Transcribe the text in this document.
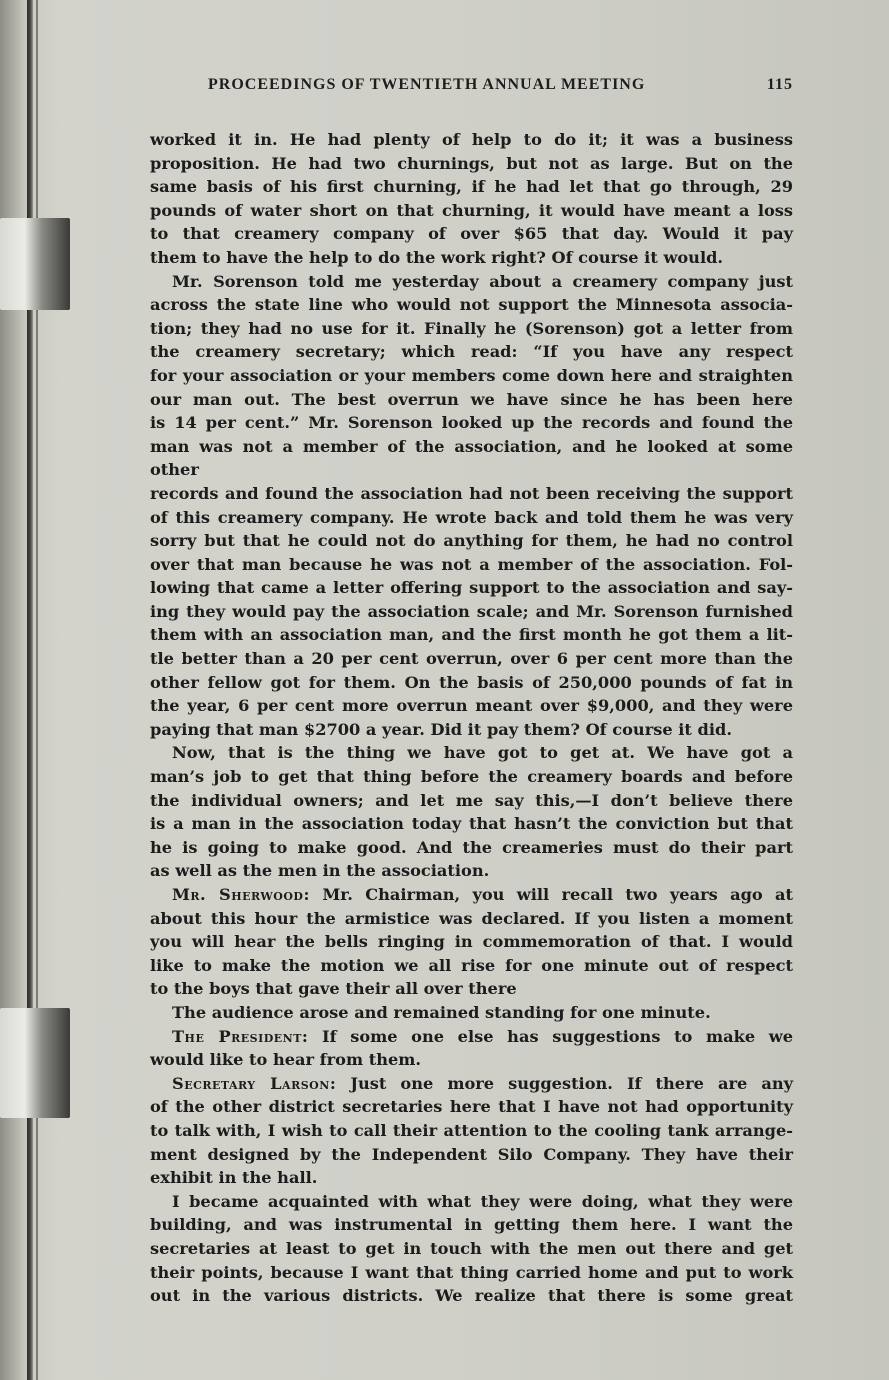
PROCEEDINGS OF TWENTIETH ANNUAL MEETING	115

worked it in. He had plenty of help to do it; it was a business

proposition. He had two churnings, but not as large. But on the

same basis of his first churning, if he had let that go through, 29

pounds of water short on that churning, it would have meant a loss

to that creamery company of over $65 that day. Would it pay

them to have the help to do the work right? Of course it would.

Mr. Sorenson told me yesterday about a creamery company just

across the state line who would not support the Minnesota associa-

tion; they had no use for it. Finally he (Sorenson) got a letter from

the creamery secretary; which read: “If you have any respect

for your association or your members come down here and straighten

our man out. The best overrun we have since he has been here

is 14 per cent.” Mr. Sorenson looked up the records and found the

man was not a member of the association, and he looked at some other

records and found the association had not been receiving the support

of this creamery company. He wrote back and told them he was very

sorry but that he could not do anything for them, he had no control

over that man because he was not a member of the association. Fol-

lowing that came a letter offering support to the association and say-

ing they would pay the association scale; and Mr. Sorenson furnished

them with an association man, and the first month he got them a lit-

tle better than a 20 per cent overrun, over 6 per cent more than the

other fellow got for them. On the basis of 250,000 pounds of fat in

the year, 6 per cent more overrun meant over $9,000, and they were

paying that man $2700 a year. Did it pay them? Of course it did.

Now, that is the thing we have got to get at. We have got a

man’s job to get that thing before the creamery boards and before

the individual owners; and let me say this,—I don’t believe there

is a man in the association today that hasn’t the conviction but that

he is going to make good. And the creameries must do their part

as well as the men in the association.

Mr. Sherwood: Mr. Chairman, you will recall two years ago at

about this hour the armistice was declared. If you listen a moment

you will hear the bells ringing in commemoration of that. I would

like to make the motion we all rise for one minute out of respect

to the boys that gave their all over there

The audience arose and remained standing for one minute.

The President: If some one else has suggestions to make we

would like to hear from them.

Secretary Larson: Just one more suggestion. If there are any

of the other district secretaries here that I have not had opportunity

to talk with, I wish to call their attention to the cooling tank arrange-

ment designed by the Independent Silo Company. They have their

exhibit in the hall.

I became acquainted with what they were doing, what they were

building, and was instrumental in getting them here. I want the

secretaries at least to get in touch with the men out there and get

their points, because I want that thing carried home and put to work

out in the various districts. We realize that there is some great
